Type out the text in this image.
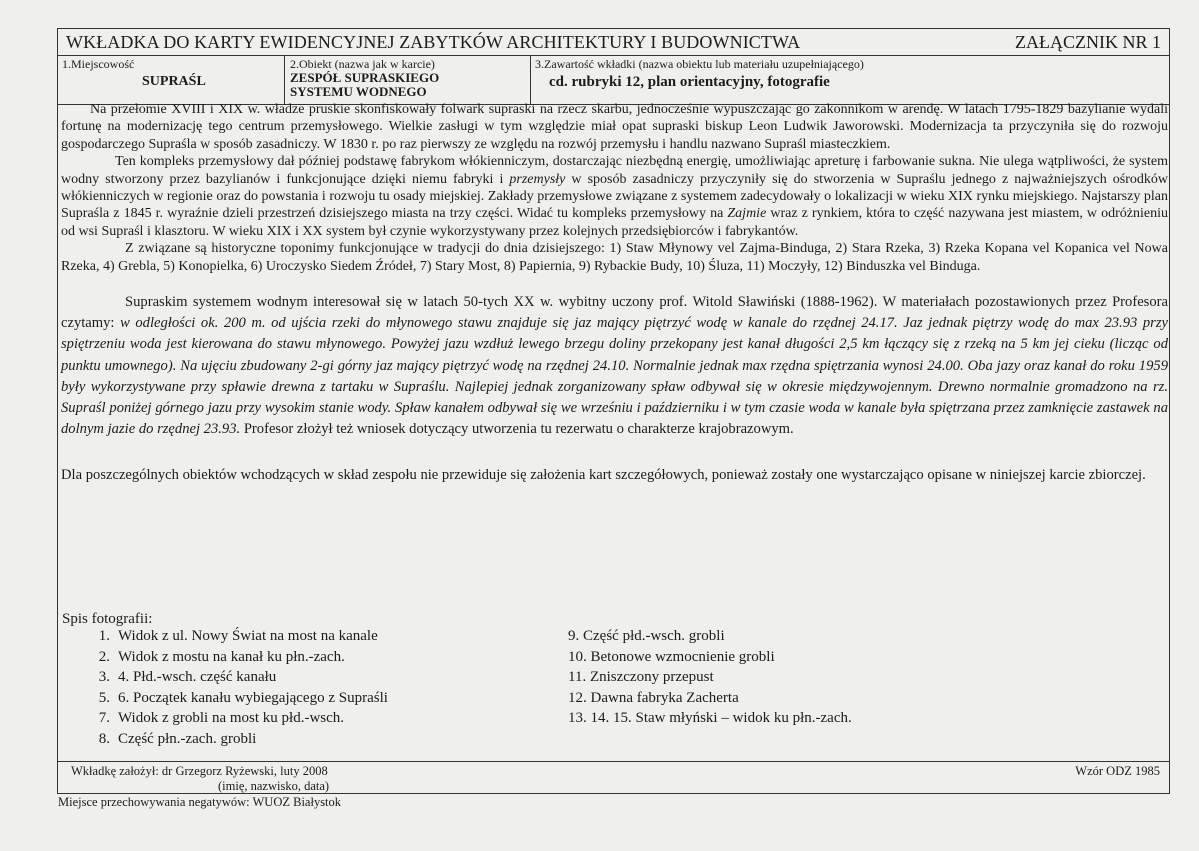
WKŁADKA DO KARTY EWIDENCYJNEJ ZABYTKÓW ARCHITEKTURY I BUDOWNICTWA	ZAŁĄCZNIK NR 1
1.Miejscowość
SUPRAŚL
2.Obiekt (nazwa jak w karcie)
ZESPÓŁ SUPRASKIEGO SYSTEMU WODNEGO
3.Zawartość wkładki (nazwa obiektu lub materiału uzupełniającego)
cd. rubryki 12, plan orientacyjny, fotografie

Na przełomie XVIII i XIX w. władze pruskie skonfiskowały folwark supraski na rzecz skarbu, jednocześnie wypuszczając go zakonnikom w arendę. W latach 1795-1829 bazylianie wydali fortunę na modernizację tego centrum przemysłowego. Wielkie zasługi w tym względzie miał opat supraski biskup Leon Ludwik Jaworowski. Modernizacja ta przyczyniła się do rozwoju gospodarczego Supraśla w sposób zasadniczy. W 1830 r. po raz pierwszy ze względu na rozwój przemysłu i handlu nazwano Supraśl miasteczkiem.

Ten kompleks przemysłowy dał później podstawę fabrykom włókienniczym, dostarczając niezbędną energię, umożliwiając apreturę i farbowanie sukna. Nie ulega wątpliwości, że system wodny stworzony przez bazylianów i funkcjonujące dzięki niemu fabryki i przemysły w sposób zasadniczy przyczyniły się do stworzenia w Supraślu jednego z najważniejszych ośrodków włókienniczych w regionie oraz do powstania i rozwoju tu osady miejskiej. Zakłady przemysłowe związane z systemem zadecydowały o lokalizacji w wieku XIX rynku miejskiego. Najstarszy plan Supraśla z 1845 r. wyraźnie dzieli przestrzeń dzisiejszego miasta na trzy części. Widać tu kompleks przemysłowy na Zajmie wraz z rynkiem, która to część nazywana jest miastem, w odróżnieniu od wsi Supraśl i klasztoru. W wieku XIX i XX system był czynie wykorzystywany przez kolejnych przedsiębiorców i fabrykantów.

Z związane są historyczne toponimy funkcjonujące w tradycji do dnia dzisiejszego: 1) Staw Młynowy vel Zajma-Binduga, 2) Stara Rzeka, 3) Rzeka Kopana vel Kopanica vel Nowa Rzeka, 4) Grebla, 5) Konopielka, 6) Uroczysko Siedem Źródeł, 7) Stary Most, 8) Papiernia, 9) Rybackie Budy, 10) Śluza, 11) Moczyły, 12) Binduszka vel Binduga.

Supraskim systemem wodnym interesował się w latach 50-tych XX w. wybitny uczony prof. Witold Sławiński (1888-1962). W materiałach pozostawionych przez Profesora czytamy: w odległości ok. 200 m. od ujścia rzeki do młynowego stawu znajduje się jaz mający piętrzyć wodę w kanale do rzędnej 24.17. Jaz jednak piętrzy wodę do max 23.93 przy spiętrzeniu woda jest kierowana do stawu młynowego. Powyżej jazu wzdłuż lewego brzegu doliny przekopany jest kanał długości 2,5 km łączący się z rzeką na 5 km jej cieku (licząc od punktu umownego). Na ujęciu zbudowany 2-gi górny jaz mający piętrzyć wodę na rzędnej 24.10. Normalnie jednak max rzędna spiętrzania wynosi 24.00. Oba jazy oraz kanał do roku 1959 były wykorzystywane przy spławie drewna z tartaku w Supraślu. Najlepiej jednak zorganizowany spław odbywał się w okresie międzywojennym. Drewno normalnie gromadzono na rz. Supraśl poniżej górnego jazu przy wysokim stanie wody. Spław kanałem odbywał się we wrześniu i październiku i w tym czasie woda w kanale była spiętrzana przez zamknięcie zastawek na dolnym jazie do rzędnej 23.93. Profesor złożył też wniosek dotyczący utworzenia tu rezerwatu o charakterze krajobrazowym.

Dla poszczególnych obiektów wchodzących w skład zespołu nie przewiduje się założenia kart szczegółowych, ponieważ zostały one wystarczająco opisane w niniejszej karcie zbiorczej.

Spis fotografii:
1. Widok z ul. Nowy Świat na most na kanale
2. Widok z mostu na kanał ku płn.-zach.
3. 4. Płd.-wsch. część kanału
5. 6. Początek kanału wybiegającego z Supraśli
7. Widok z grobli na most ku płd.-wsch.
8. Część płn.-zach. grobli
9. Część płd.-wsch. grobli
10. Betonowe wzmocnienie grobli
11. Zniszczony przepust
12. Dawna fabryka Zacherta
13. 14. 15. Staw młyński – widok ku płn.-zach.
Wkładkę założył: dr Grzegorz Ryżewski, luty 2008
(imię, nazwisko, data)
Wzór ODZ 1985
Miejsce przechowywania negatywów: WUOZ Białystok
